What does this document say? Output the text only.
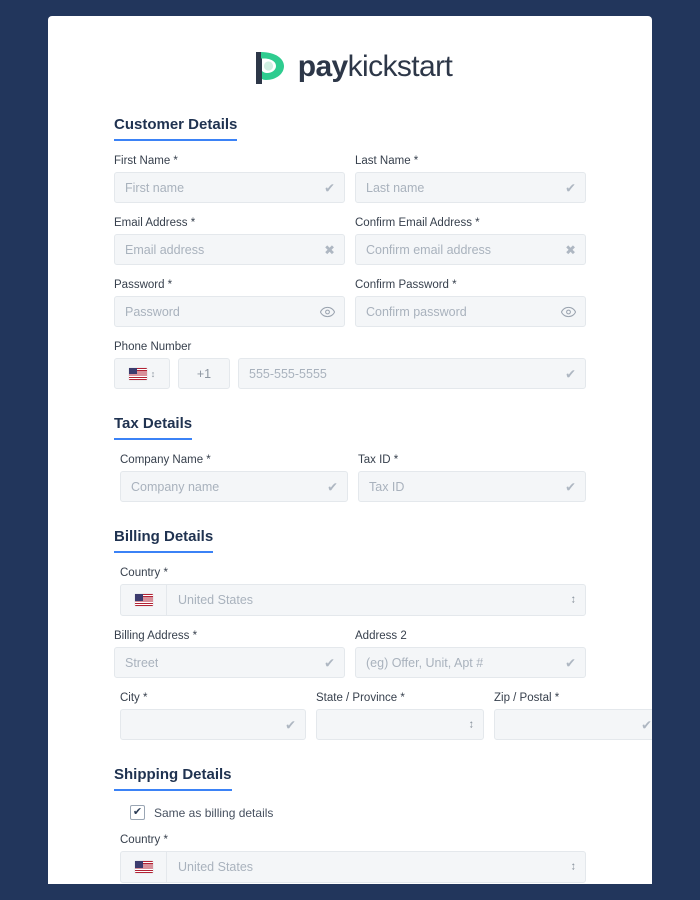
paykickstart
Customer Details
First Name *
First name	✔
Last Name *
Last name	✔
Email Address *
Email address	✖
Confirm Email Address *
Confirm email address	✖
Password *
Password
Confirm Password *
Confirm password
Phone Number
↕	+1	555-555-5555	✔
Tax Details
Company Name *
Company name	✔
Tax ID *
Tax ID	✔
Billing Details
Country *
United States	↕
Billing Address *
Street	✔
Address 2
(eg) Offer, Unit, Apt #	✔
City *
✔
State / Province *
↕
Zip / Postal *
✔
Shipping Details
✔ Same as billing details
Country *
United States	↕
